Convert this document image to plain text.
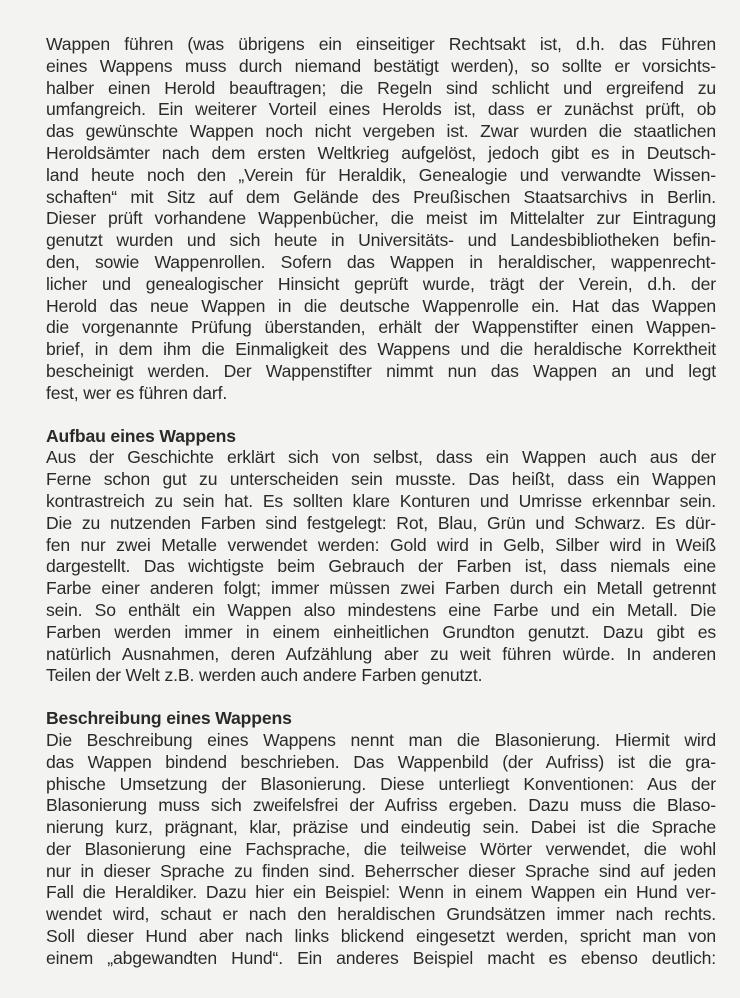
Wappen führen (was übrigens ein einseitiger Rechtsakt ist, d.h. das Führen
eines Wappens muss durch niemand bestätigt werden), so sollte er vorsichts-
halber einen Herold beauftragen; die Regeln sind schlicht und ergreifend zu
umfangreich. Ein weiterer Vorteil eines Herolds ist, dass er zunächst prüft, ob
das gewünschte Wappen noch nicht vergeben ist. Zwar wurden die staatlichen
Heroldsämter nach dem ersten Weltkrieg aufgelöst, jedoch gibt es in Deutsch-
land heute noch den „Verein für Heraldik, Genealogie und verwandte Wissen-
schaften“ mit Sitz auf dem Gelände des Preußischen Staatsarchivs in Berlin.
Dieser prüft vorhandene Wappenbücher, die meist im Mittelalter zur Eintragung
genutzt wurden und sich heute in Universitäts- und Landesbibliotheken befin-
den, sowie Wappenrollen. Sofern das Wappen in heraldischer, wappenrecht-
licher und genealogischer Hinsicht geprüft wurde, trägt der Verein, d.h. der
Herold das neue Wappen in die deutsche Wappenrolle ein. Hat das Wappen
die vorgenannte Prüfung überstanden, erhält der Wappenstifter einen Wappen-
brief, in dem ihm die Einmaligkeit des Wappens und die heraldische Korrektheit
bescheinigt werden. Der Wappenstifter nimmt nun das Wappen an und legt
fest, wer es führen darf.
Aufbau eines Wappens
Aus der Geschichte erklärt sich von selbst, dass ein Wappen auch aus der
Ferne schon gut zu unterscheiden sein musste. Das heißt, dass ein Wappen
kontrastreich zu sein hat. Es sollten klare Konturen und Umrisse erkennbar sein.
Die zu nutzenden Farben sind festgelegt: Rot, Blau, Grün und Schwarz. Es dür-
fen nur zwei Metalle verwendet werden: Gold wird in Gelb, Silber wird in Weiß
dargestellt. Das wichtigste beim Gebrauch der Farben ist, dass niemals eine
Farbe einer anderen folgt; immer müssen zwei Farben durch ein Metall getrennt
sein. So enthält ein Wappen also mindestens eine Farbe und ein Metall. Die
Farben werden immer in einem einheitlichen Grundton genutzt. Dazu gibt es
natürlich Ausnahmen, deren Aufzählung aber zu weit führen würde. In anderen
Teilen der Welt z.B. werden auch andere Farben genutzt.
Beschreibung eines Wappens
Die Beschreibung eines Wappens nennt man die Blasonierung. Hiermit wird
das Wappen bindend beschrieben. Das Wappenbild (der Aufriss) ist die gra-
phische Umsetzung der Blasonierung. Diese unterliegt Konventionen: Aus der
Blasonierung muss sich zweifelsfrei der Aufriss ergeben. Dazu muss die Blaso-
nierung kurz, prägnant, klar, präzise und eindeutig sein. Dabei ist die Sprache
der Blasonierung eine Fachsprache, die teilweise Wörter verwendet, die wohl
nur in dieser Sprache zu finden sind. Beherrscher dieser Sprache sind auf jeden
Fall die Heraldiker. Dazu hier ein Beispiel: Wenn in einem Wappen ein Hund ver-
wendet wird, schaut er nach den heraldischen Grundsätzen immer nach rechts.
Soll dieser Hund aber nach links blickend eingesetzt werden, spricht man von
einem „abgewandten Hund“. Ein anderes Beispiel macht es ebenso deutlich:
